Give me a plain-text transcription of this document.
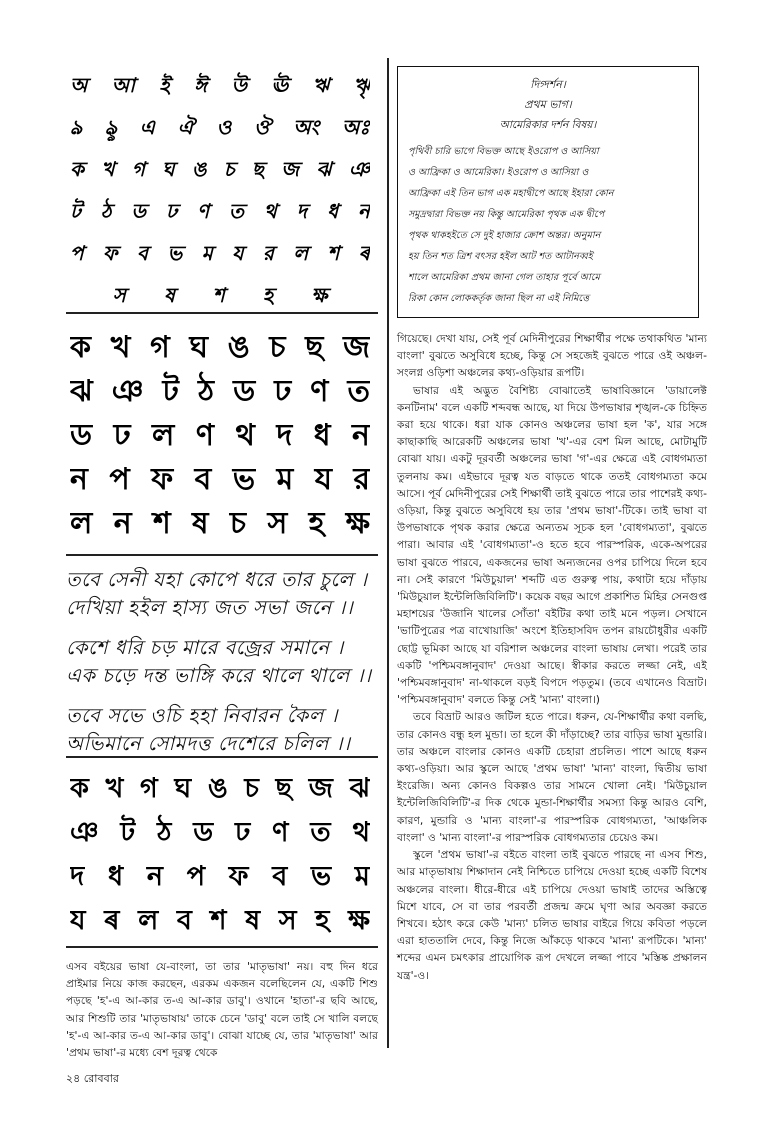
অ আ ই ঈ উ ঊ ঋ ৠ
ঌ ৡ এ ঐ ও ঔ অং অঃ
ক খ গ ঘ ঙ চ ছ জ ঝ ঞ
ট ঠ ড ঢ ণ ত থ দ ধ ন
প ফ ব ভ ম য র ল শ ৰ
স ষ শ হ ক্ষ
ক খ গ ঘ ঙ চ ছ জ
ঝ ঞ ট ঠ ড ঢ ণ ত
ড ঢ ল ণ থ দ ধ ন
ন প ফ ব ভ ম য র
ল ন শ ষ চ স হ ক্ষ
তবে সেনী যহা কোপে ধরে তার চুলে ।
দেখিয়া হইল হাস্য জত সভা জনে ।।
কেশে ধরি চড় মারে বজ্রের সমানে ।
এক চড়ে দন্ত ভাঙ্গি করে থালে থালে ।।
তবে সভে ওচি হহা নিবারন কৈল ।
অভিমানে সোমদত্ত দেশেরে চলিল ।।
ক খ গ ঘ ঙ চ ছ জ ঝ
ঞ ট ঠ ড ঢ ণ ত থ
দ ধ ন প ফ ব ভ ম
য ৰ ল ব শ ষ স হ ক্ষ
এসব বইয়ের ভাষা যে-বাংলা, তা তার 'মাতৃভাষা' নয়। বহু দিন ধরে প্রাইমার নিয়ে কাজ করছেন, এরকম একজন বলেছিলেন যে, একটি শিশু পড়ছে 'হ'-এ আ-কার ত-এ আ-কার ডাবু'। ওখানে 'হাতা'-র ছবি আছে, আর শিশুটি তার 'মাতৃভাষায়' তাকে চেনে 'ডাবু' বলে তাই সে খালি বলছে 'হ'-এ আ-কার ত-এ আ-কার ডাবু'। বোঝা যাচ্ছে যে, তার 'মাতৃভাষা' আর 'প্রথম ভাষা'-র মধ্যে বেশ দূরত্ব থেকে
দিগ্দর্শন।
প্রথম ভাগ।
আমেরিকার দর্শন বিষয়।
পৃথিবী চারি ভাগে বিভক্ত আছে ইওরোপ ও আসিয়া
ও আফ্রিকা ও আমেরিকা। ইওরোপ ও আসিয়া ও
আফ্রিকা এই তিন ভাগ এক মহাদ্বীপে আছে ইহারা কোন
সমুদ্রদ্বারা বিভক্ত নয় কিন্তু আমেরিকা পৃথক এক দ্বীপে
পৃথক থাকহইতে সে দুই হাজার ক্রোশ অন্তর। অনুমান
হয় তিন শত ত্রিশ বৎসর হইল আট শত আটানব্বই
শালে আমেরিকা প্রথম জানা গেল তাহার পূর্বে আমে
রিকা কোন লোককর্তৃক জানা ছিল না এই নিমিত্তে

গিয়েছে। দেখা যায়, সেই পূর্ব মেদিনীপুরের শিক্ষার্থীর পক্ষে তথাকথিত 'মান্য বাংলা' বুঝতে অসুবিধে হচ্ছে, কিন্তু সে সহজেই বুঝতে পারে ওই অঞ্চল-সংলগ্ন ওড়িশা অঞ্চলের কথ্য-ওড়িয়ার রূপটি।

ভাষার এই অদ্ভুত বৈশিষ্ট্য বোঝাতেই ভাষাবিজ্ঞানে 'ডায়ালেক্ট কনটিনাম' বলে একটি শব্দবন্ধ আছে, যা দিয়ে উপভাষার শৃঙ্খল-কে চিহ্নিত করা হয়ে থাকে। ধরা যাক কোনও অঞ্চলের ভাষা হল 'ক', যার সঙ্গে কাছাকাছি আরেকটি অঞ্চলের ভাষা 'খ'-এর বেশ মিল আছে, মোটামুটি বোঝা যায়। একটু দূরবর্তী অঞ্চলের ভাষা 'গ'-এর ক্ষেত্রে এই বোধগম্যতা তুলনায় কম। এইভাবে দূরত্ব যত বাড়তে থাকে ততই বোধগম্যতা কমে আসে। পূর্ব মেদিনীপুরের সেই শিক্ষার্থী তাই বুঝতে পারে তার পাশেরই কথ্য-ওড়িয়া, কিন্তু বুঝতে অসুবিধে হয় তার 'প্রথম ভাষা'-টিকে। তাই ভাষা বা উপভাষাকে পৃথক করার ক্ষেত্রে অন্যতম সূচক হল 'বোধগম্যতা', বুঝতে পারা। আবার এই 'বোধগম্যতা'-ও হতে হবে পারস্পরিক, একে-অপরের ভাষা বুঝতে পারবে, একজনের ভাষা অন্যজনের ওপর চাপিয়ে দিলে হবে না। সেই কারণে 'মিউচুয়াল' শব্দটি এত গুরুত্ব পায়, কথাটা হয়ে দাঁড়ায় 'মিউচুয়াল ইন্টেলিজিবিলিটি'। কয়েক বছর আগে প্রকাশিত মিহির সেনগুপ্ত মহাশয়ের 'উজানি খালের সোঁতা' বইটির কথা তাই মনে পড়ল। সেখানে 'ভাটিপুত্রের পত্র বাখোয়াজি' অংশে ইতিহাসবিদ তপন রায়চৌধুরীর একটি ছোট্ট ভূমিকা আছে যা বরিশাল অঞ্চলের বাংলা ভাষায় লেখা। পরেই তার একটি 'পশ্চিমবঙ্গানুবাদ' দেওয়া আছে। স্বীকার করতে লজ্জা নেই, এই 'পশ্চিমবঙ্গানুবাদ' না-থাকলে বড়ই বিপদে পড়তুম। (তবে এখানেও বিভ্রাট। 'পশ্চিমবঙ্গানুবাদ' বলতে কিন্তু সেই 'মান্য' বাংলা।)

তবে বিভ্রাট আরও জটিল হতে পারে। ধরুন, যে-শিক্ষার্থীর কথা বলছি, তার কোনও বন্ধু হল মুন্ডা। তা হলে কী দাঁড়াচ্ছে? তার বাড়ির ভাষা মুন্ডারি। তার অঞ্চলে বাংলার কোনও একটি চেহারা প্রচলিত। পাশে আছে ধরুন কথ্য-ওড়িয়া। আর স্কুলে আছে 'প্রথম ভাষা' 'মান্য' বাংলা, দ্বিতীয় ভাষা ইংরেজি। অন্য কোনও বিকল্পও তার সামনে খোলা নেই। 'মিউচুয়াল ইন্টেলিজিবিলিটি'-র দিক থেকে মুন্ডা-শিক্ষার্থীর সমস্যা কিন্তু আরও বেশি, কারণ, মুন্ডারি ও 'মান্য বাংলা'-র পারস্পরিক বোধগম্যতা, 'আঞ্চলিক বাংলা' ও 'মান্য বাংলা'-র পারস্পরিক বোধগম্যতার চেয়েও কম।

স্কুলে 'প্রথম ভাষা'-র বইতে বাংলা তাই বুঝতে পারছে না এসব শিশু, আর মাতৃভাষায় শিক্ষাদান নেই নিশ্চিতে চাপিয়ে দেওয়া হচ্ছে একটি বিশেষ অঞ্চলের বাংলা। ধীরে-ধীরে এই চাপিয়ে দেওয়া ভাষাই তাদের অস্তিত্বে মিশে যাবে, সে বা তার পরবর্তী প্রজন্ম ক্রমে ঘৃণা আর অবজ্ঞা করতে শিখবে। হঠাৎ করে কেউ 'মান্য' চলিত ভাষার বাইরে গিয়ে কবিতা পড়লে এরা হাততালি দেবে, কিন্তু নিজে আঁকড়ে থাকবে 'মান্য' রূপটিকে। 'মান্য' শব্দের এমন চমৎকার প্রায়োগিক রূপ দেখলে লজ্জা পাবে 'মস্তিষ্ক প্রক্ষালন যন্ত্র'-ও।

২৪ রোববার
